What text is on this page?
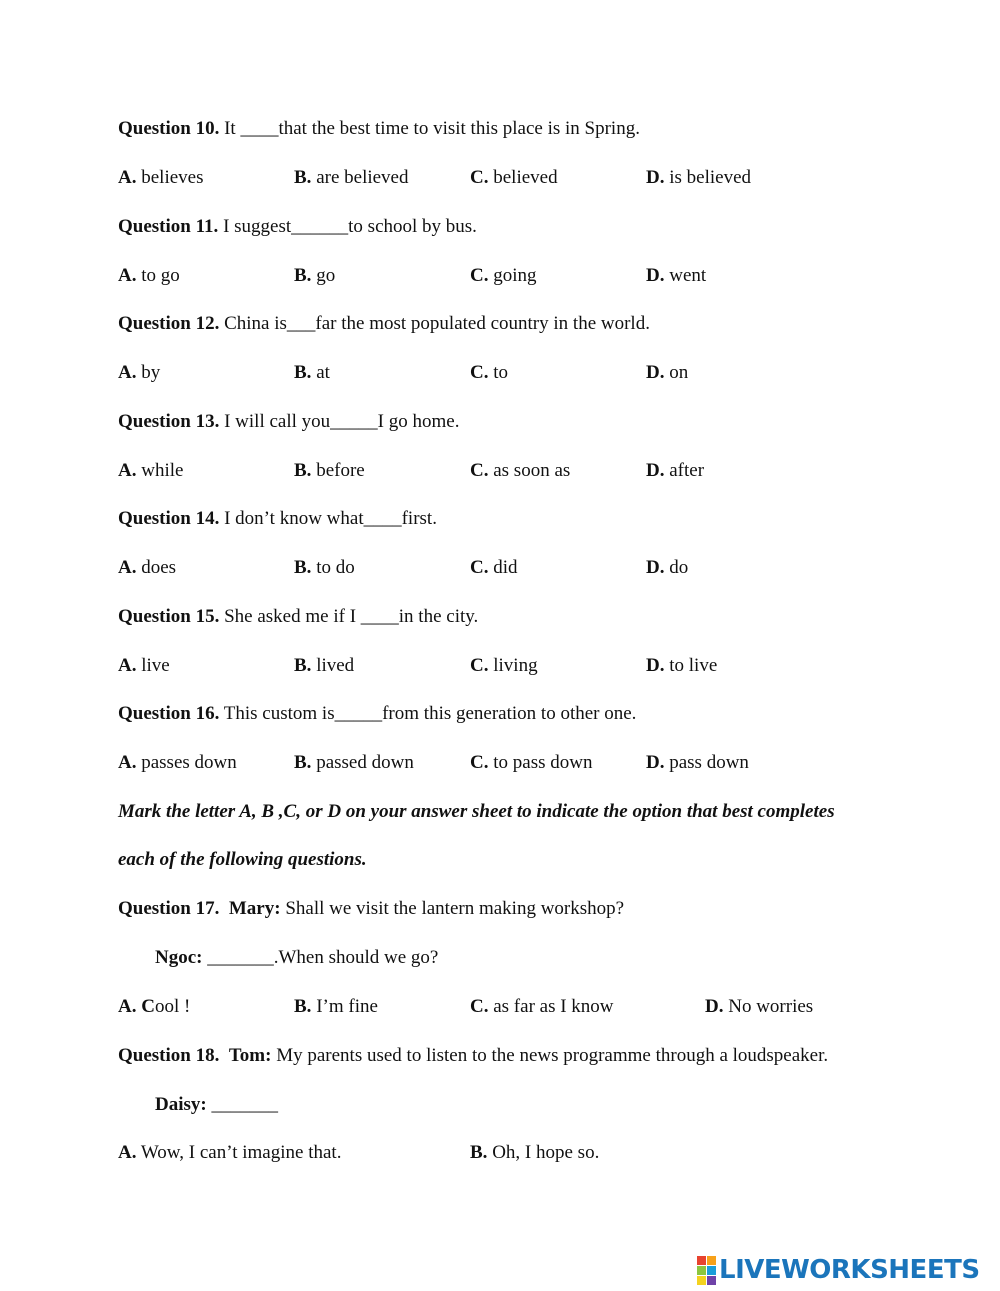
Question 17. Mary: Shall we visit the lantern making workshop?
Ngoc: _______.When should we go?
A. Cool !	B. I’m fine	C. as far as I know	D. No worries
Question 18. Tom: My parents used to listen to the news programme through a loudspeaker.
Daisy: _______
A. Wow, I can’t imagine that.	B. Oh, I hope so.
Mark the letter A, B ,C, or D on your answer sheet to indicate the option that best completes
each of the following questions.
LIVEWORKSHEETS
Question 10. It ____that the best time to visit this place is in Spring.
A. believes	B. are believed	C. believed	D. is believed
Question 11. I suggest______to school by bus.
A. to go	B. go	C. going	D. went
Question 12. China is___far the most populated country in the world.
A. by	B. at	C. to	D. on
Question 13. I will call you_____I go home.
A. while	B. before	C. as soon as	D. after
Question 14. I don’t know what____first.
A. does	B. to do	C. did	D. do
Question 15. She asked me if I ____in the city.
A. live	B. lived	C. living	D. to live
Question 16. This custom is_____from this generation to other one.
A. passes down	B. passed down	C. to pass down	D. pass down
